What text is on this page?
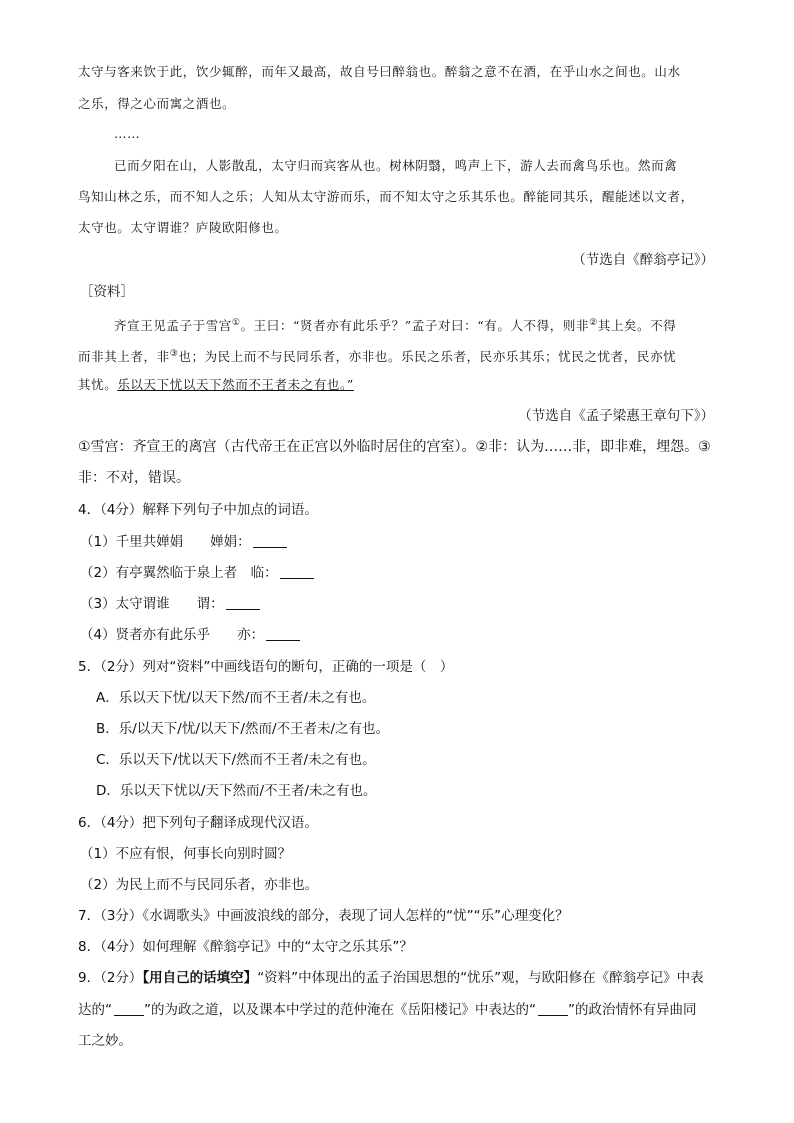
太守与客来饮于此，饮少辄醉，而年又最高，故自号曰醉翁也。醉翁之意不在酒，在乎山水之间也。山水
之乐，得之心而寓之酒也。
……
已而夕阳在山，人影散乱，太守归而宾客从也。树林阴翳，鸣声上下，游人去而禽鸟乐也。然而禽
鸟知山林之乐，而不知人之乐；人知从太守游而乐，而不知太守之乐其乐也。醉能同其乐，醒能述以文者，
太守也。太守谓谁？庐陵欧阳修也。
（节选自《醉翁亭记》）
［资料］
齐宣王见孟子于雪宫①。王曰：“贤者亦有此乐乎？”孟子对曰：“有。人不得，则非②其上矣。不得
而非其上者，非③也；为民上而不与民同乐者，亦非也。乐民之乐者，民亦乐其乐；忧民之忧者，民亦忧
其忧。乐以天下忧以天下然而不王者未之有也。”
（节选自《孟子梁惠王章句下》）
①雪宫：齐宣王的离宫（古代帝王在正宫以外临时居住的宫室）。②非：认为……非，即非难，埋怨。③
非：不对，错误。
4．（4分）解释下列句子中加点的词语。
（1）千里共婵娟　　婵娟：
（2）有亭翼然临于泉上者　临：
（3）太守谓谁　　谓：
（4）贤者亦有此乐乎　　亦：
5．（2分）列对“资料”中画线语句的断句，正确的一项是（　）
A．乐以天下忧/以天下然/而不王者/未之有也。
B．乐/以天下/忧/以天下/然而/不王者未/之有也。
C．乐以天下/忧以天下/然而不王者/未之有也。
D．乐以天下忧以/天下然而/不王者/未之有也。
6．（4分）把下列句子翻译成现代汉语。
（1）不应有恨，何事长向别时圆？
（2）为民上而不与民同乐者，亦非也。
7．（3分）《水调歌头》中画波浪线的部分，表现了词人怎样的“忧”“乐”心理变化？
8．（4分）如何理解《醉翁亭记》中的“太守之乐其乐”？
9．（2分）【用自己的话填空】“资料”中体现出的孟子治国思想的“忧乐”观，与欧阳修在《醉翁亭记》中表
达的“ ”的为政之道，以及课本中学过的范仲淹在《岳阳楼记》中表达的“ ”的政治情怀有异曲同
工之妙。
